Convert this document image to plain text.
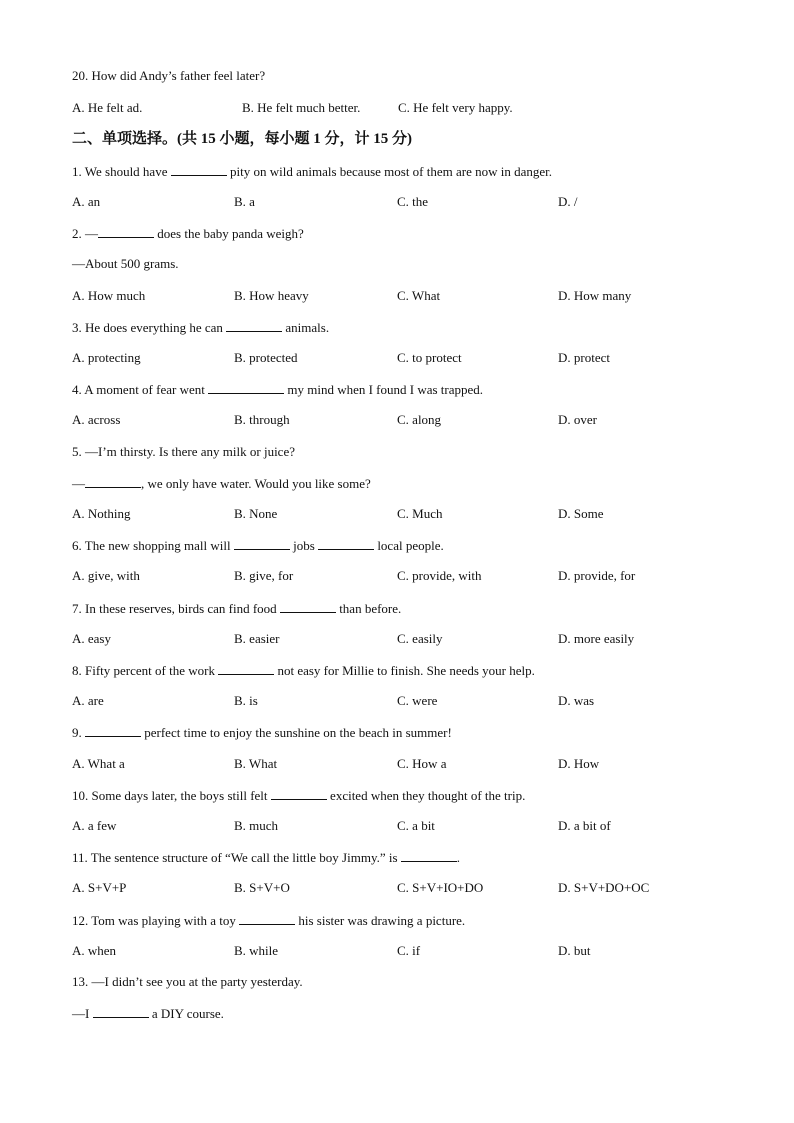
20. How did Andy’s father feel later?
A. He felt ad.	B. He felt much better.	C. He felt very happy.
二、单项选择。(共 15 小题，每小题 1 分，计 15 分)
1. We should have	pity on wild animals because most of them are now in danger.
A. an	B. a	C. the	D. /
2. —	does the baby panda weigh?
—About 500 grams.
A. How much	B. How heavy	C. What	D. How many
3. He does everything he can	animals.
A. protecting	B. protected	C. to protect	D. protect
4. A moment of fear went	my mind when I found I was trapped.
A. across	B. through	C. along	D. over
5. —I’m thirsty. Is there any milk or juice?
—	, we only have water. Would you like some?
A. Nothing	B. None	C. Much	D. Some
6. The new shopping mall will	jobs	local people.
A. give, with	B. give, for	C. provide, with	D. provide, for
7. In these reserves, birds can find food	than before.
A. easy	B. easier	C. easily	D. more easily
8. Fifty percent of the work	not easy for Millie to finish. She needs your help.
A. are	B. is	C. were	D. was
9.	perfect time to enjoy the sunshine on the beach in summer!
A. What a	B. What	C. How a	D. How
10. Some days later, the boys still felt	excited when they thought of the trip.
A. a few	B. much	C. a bit	D. a bit of
11. The sentence structure of “We call the little boy Jimmy.” is	.
A. S+V+P	B. S+V+O	C. S+V+IO+DO	D. S+V+DO+OC
12. Tom was playing with a toy	his sister was drawing a picture.
A. when	B. while	C. if	D. but
13. —I didn’t see you at the party yesterday.
—I	a DIY course.
